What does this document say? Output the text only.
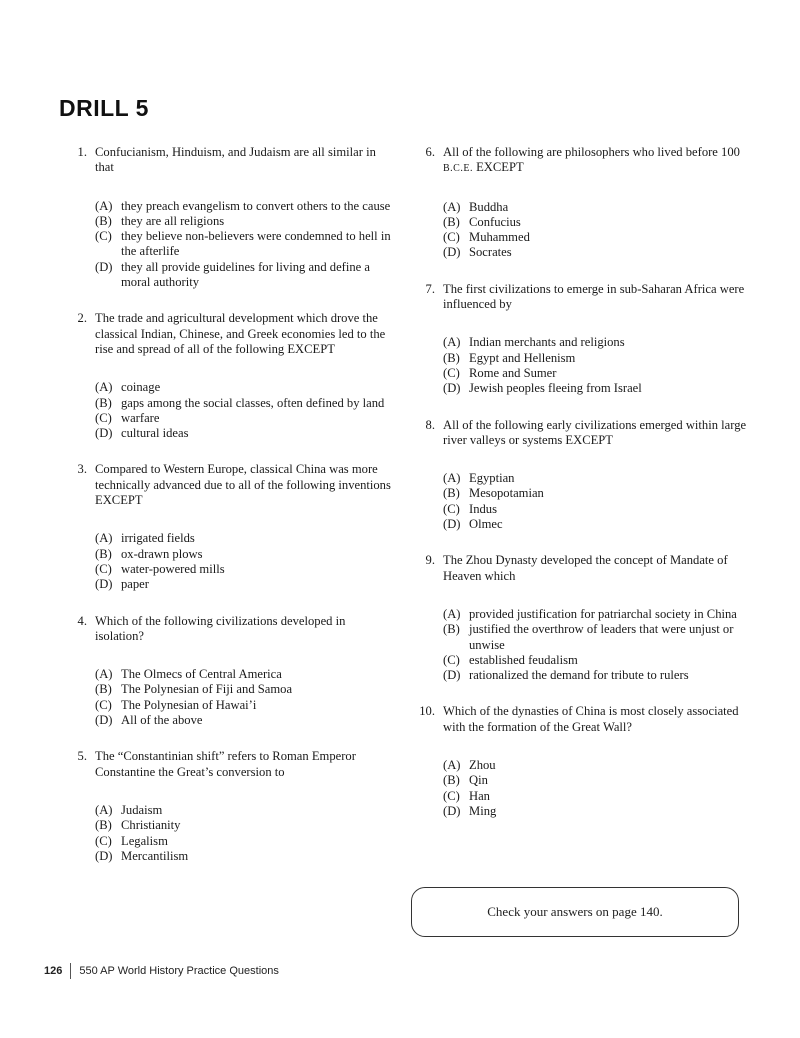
DRILL 5
1. Confucianism, Hinduism, and Judaism are all similar in that
(A) they preach evangelism to convert others to the cause
(B) they are all religions
(C) they believe non-believers were condemned to hell in the afterlife
(D) they all provide guidelines for living and define a moral authority
2. The trade and agricultural development which drove the classical Indian, Chinese, and Greek economies led to the rise and spread of all of the following EXCEPT
(A) coinage
(B) gaps among the social classes, often defined by land
(C) warfare
(D) cultural ideas
3. Compared to Western Europe, classical China was more technically advanced due to all of the following inventions EXCEPT
(A) irrigated fields
(B) ox-drawn plows
(C) water-powered mills
(D) paper
4. Which of the following civilizations developed in isolation?
(A) The Olmecs of Central America
(B) The Polynesian of Fiji and Samoa
(C) The Polynesian of Hawai’i
(D) All of the above
5. The “Constantinian shift” refers to Roman Emperor Constantine the Great’s conversion to
(A) Judaism
(B) Christianity
(C) Legalism
(D) Mercantilism
6. All of the following are philosophers who lived before 100 B.C.E. EXCEPT
(A) Buddha
(B) Confucius
(C) Muhammed
(D) Socrates
7. The first civilizations to emerge in sub-Saharan Africa were influenced by
(A) Indian merchants and religions
(B) Egypt and Hellenism
(C) Rome and Sumer
(D) Jewish peoples fleeing from Israel
8. All of the following early civilizations emerged within large river valleys or systems EXCEPT
(A) Egyptian
(B) Mesopotamian
(C) Indus
(D) Olmec
9. The Zhou Dynasty developed the concept of Mandate of Heaven which
(A) provided justification for patriarchal society in China
(B) justified the overthrow of leaders that were unjust or unwise
(C) established feudalism
(D) rationalized the demand for tribute to rulers
10. Which of the dynasties of China is most closely associated with the formation of the Great Wall?
(A) Zhou
(B) Qin
(C) Han
(D) Ming
Check your answers on page 140.
126 550 AP World History Practice Questions
